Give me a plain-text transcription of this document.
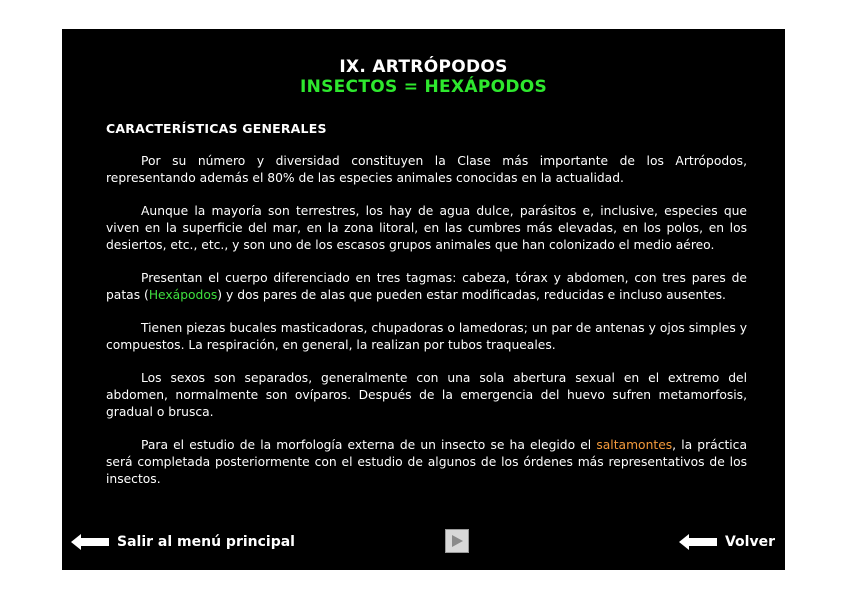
IX. ARTRÓPODOS
INSECTOS = HEXÁPODOS
CARACTERÍSTICAS GENERALES

Por su número y diversidad constituyen la Clase más importante de los Artrópodos, representando además el 80% de las especies animales conocidas en la actualidad.

Aunque la mayoría son terrestres, los hay de agua dulce, parásitos e, inclusive, especies que viven en la superficie del mar, en la zona litoral, en las cumbres más elevadas, en los polos, en los desiertos, etc., etc., y son uno de los escasos grupos animales que han colonizado el medio aéreo.

Presentan el cuerpo diferenciado en tres tagmas: cabeza, tórax y abdomen, con tres pares de patas (Hexápodos) y dos pares de alas que pueden estar modificadas, reducidas e incluso ausentes.

Tienen piezas bucales masticadoras, chupadoras o lamedoras; un par de antenas y ojos simples y compuestos. La respiración, en general, la realizan por tubos traqueales.

Los sexos son separados, generalmente con una sola abertura sexual en el extremo del abdomen, normalmente son ovíparos. Después de la emergencia del huevo sufren metamorfosis, gradual o brusca.

Para el estudio de la morfología externa de un insecto se ha elegido el saltamontes, la práctica será completada posteriormente con el estudio de algunos de los órdenes más representativos de los insectos.

Salir al menú principal	Volver
